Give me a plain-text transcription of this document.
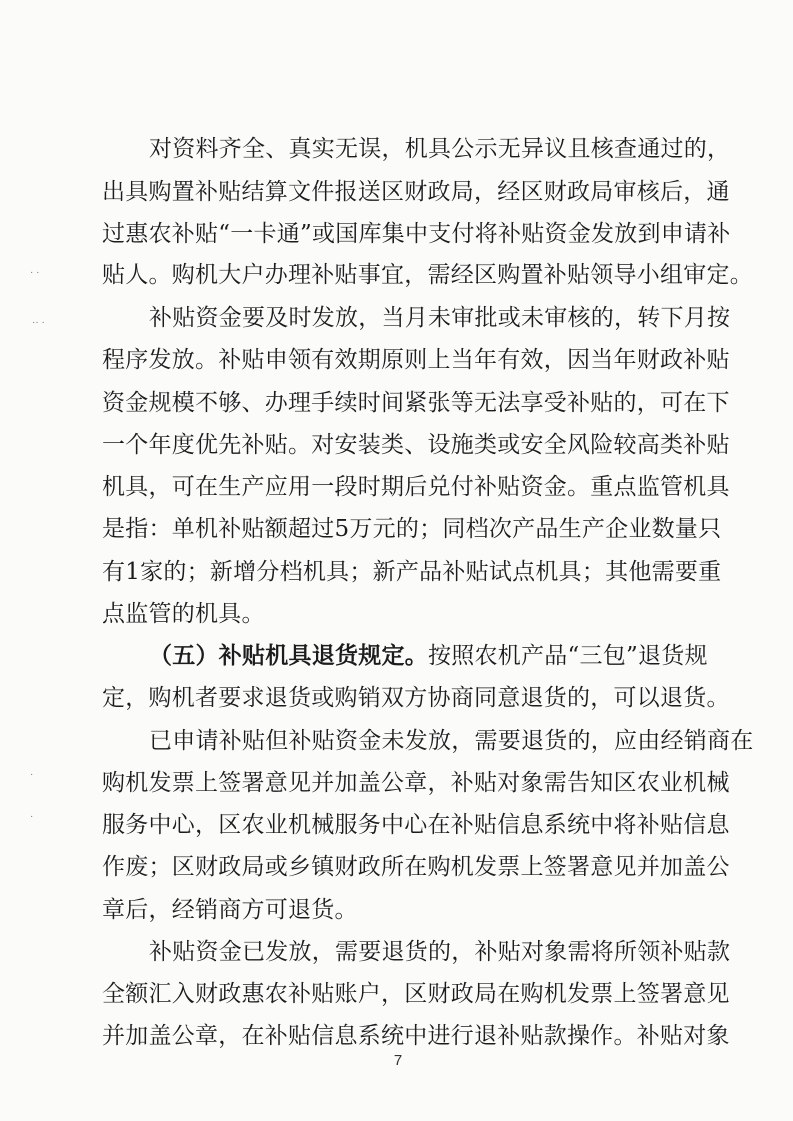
· ·
·· ·
·
·
对资料齐全、真实无误，机具公示无异议且核查通过的，
出具购置补贴结算文件报送区财政局，经区财政局审核后，通
过惠农补贴“一卡通”或国库集中支付将补贴资金发放到申请补
贴人。购机大户办理补贴事宜，需经区购置补贴领导小组审定。
补贴资金要及时发放，当月未审批或未审核的，转下月按
程序发放。补贴申领有效期原则上当年有效，因当年财政补贴
资金规模不够、办理手续时间紧张等无法享受补贴的，可在下
一个年度优先补贴。对安装类、设施类或安全风险较高类补贴
机具，可在生产应用一段时期后兑付补贴资金。重点监管机具
是指：单机补贴额超过5万元的；同档次产品生产企业数量只
有1家的；新增分档机具；新产品补贴试点机具；其他需要重
点监管的机具。
（五）补贴机具退货规定。按照农机产品“三包”退货规
定，购机者要求退货或购销双方协商同意退货的，可以退货。
已申请补贴但补贴资金未发放，需要退货的，应由经销商在
购机发票上签署意见并加盖公章，补贴对象需告知区农业机械
服务中心，区农业机械服务中心在补贴信息系统中将补贴信息
作废；区财政局或乡镇财政所在购机发票上签署意见并加盖公
章后，经销商方可退货。
补贴资金已发放，需要退货的，补贴对象需将所领补贴款
全额汇入财政惠农补贴账户，区财政局在购机发票上签署意见
并加盖公章，在补贴信息系统中进行退补贴款操作。补贴对象
7
